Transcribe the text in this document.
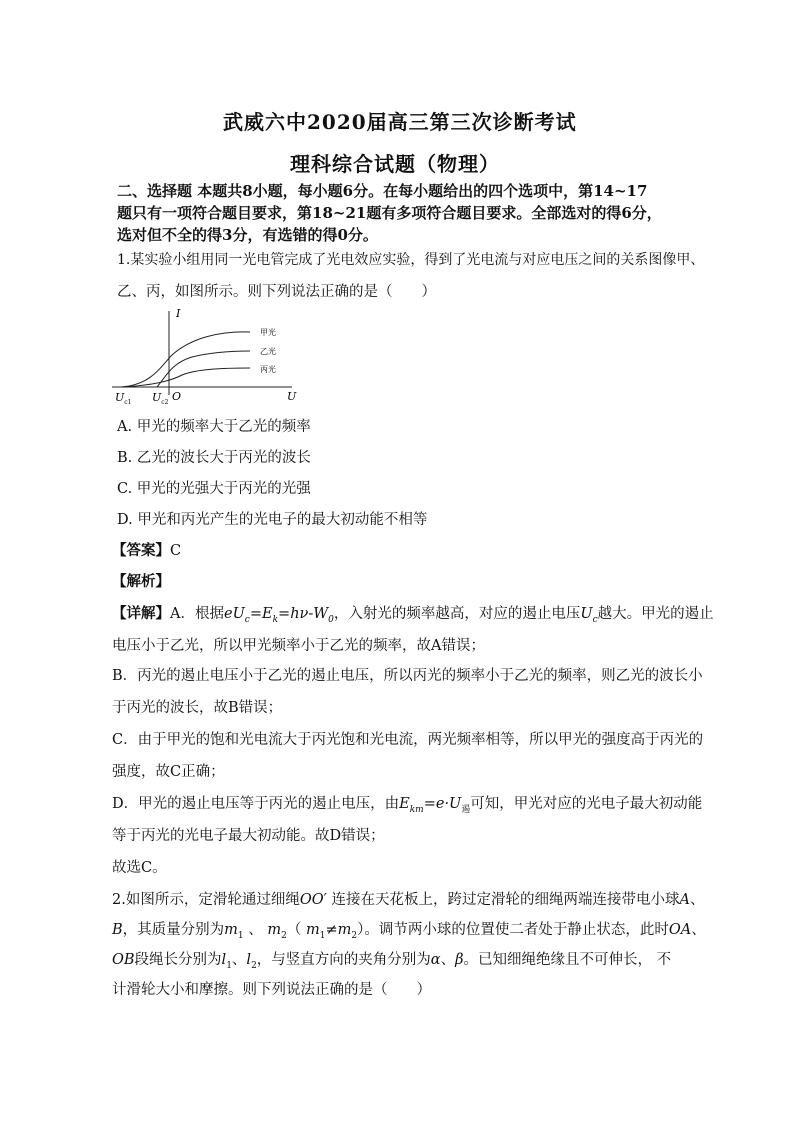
武威六中2020届高三第三次诊断考试
理科综合试题（物理）
二、选择题 本题共8小题，每小题6分。在每小题给出的四个选项中，第14~17
题只有一项符合题目要求，第18~21题有多项符合题目要求。全部选对的得6分，
选对但不全的得3分，有选错的得0分。
1.某实验小组用同一光电管完成了光电效应实验，得到了光电流与对应电压之间的关系图像甲、
乙、丙，如图所示。则下列说法正确的是（　　）
I
甲光
乙光
丙光
$U_{c1}$ $U_{c2}$ O	U
A. 甲光的频率大于乙光的频率
B. 乙光的波长大于丙光的波长
C. 甲光的光强大于丙光的光强
D. 甲光和丙光产生的光电子的最大初动能不相等
【答案】C
【解析】
【详解】A．根据$eU_c=E_k=h\nu-W_0$，入射光的频率越高，对应的遏止电压$U_c$越大。甲光的遏止
电压小于乙光，所以甲光频率小于乙光的频率，故A错误；
B．丙光的遏止电压小于乙光的遏止电压，所以丙光的频率小于乙光的频率，则乙光的波长小
于丙光的波长，故B错误；
C．由于甲光的饱和光电流大于丙光饱和光电流，两光频率相等，所以甲光的强度高于丙光的
强度，故C正确；
D．甲光的遏止电压等于丙光的遏止电压，由$E_{km}=e\cdot U_遏$可知，甲光对应的光电子最大初动能
等于丙光的光电子最大初动能。故D错误；
故选C。
2.如图所示，定滑轮通过细绳OO′ 连接在天花板上，跨过定滑轮的细绳两端连接带电小球A、
B，其质量分别为$m_1$ 、 $m_2$（ $m_1\ne m_2$）。调节两小球的位置使二者处于静止状态，此时OA、
OB段绳长分别为$l_1$、$l_2$，与竖直方向的夹角分别为α、β。已知细绳绝缘且不可伸长， 不
计滑轮大小和摩擦。则下列说法正确的是（　　）
